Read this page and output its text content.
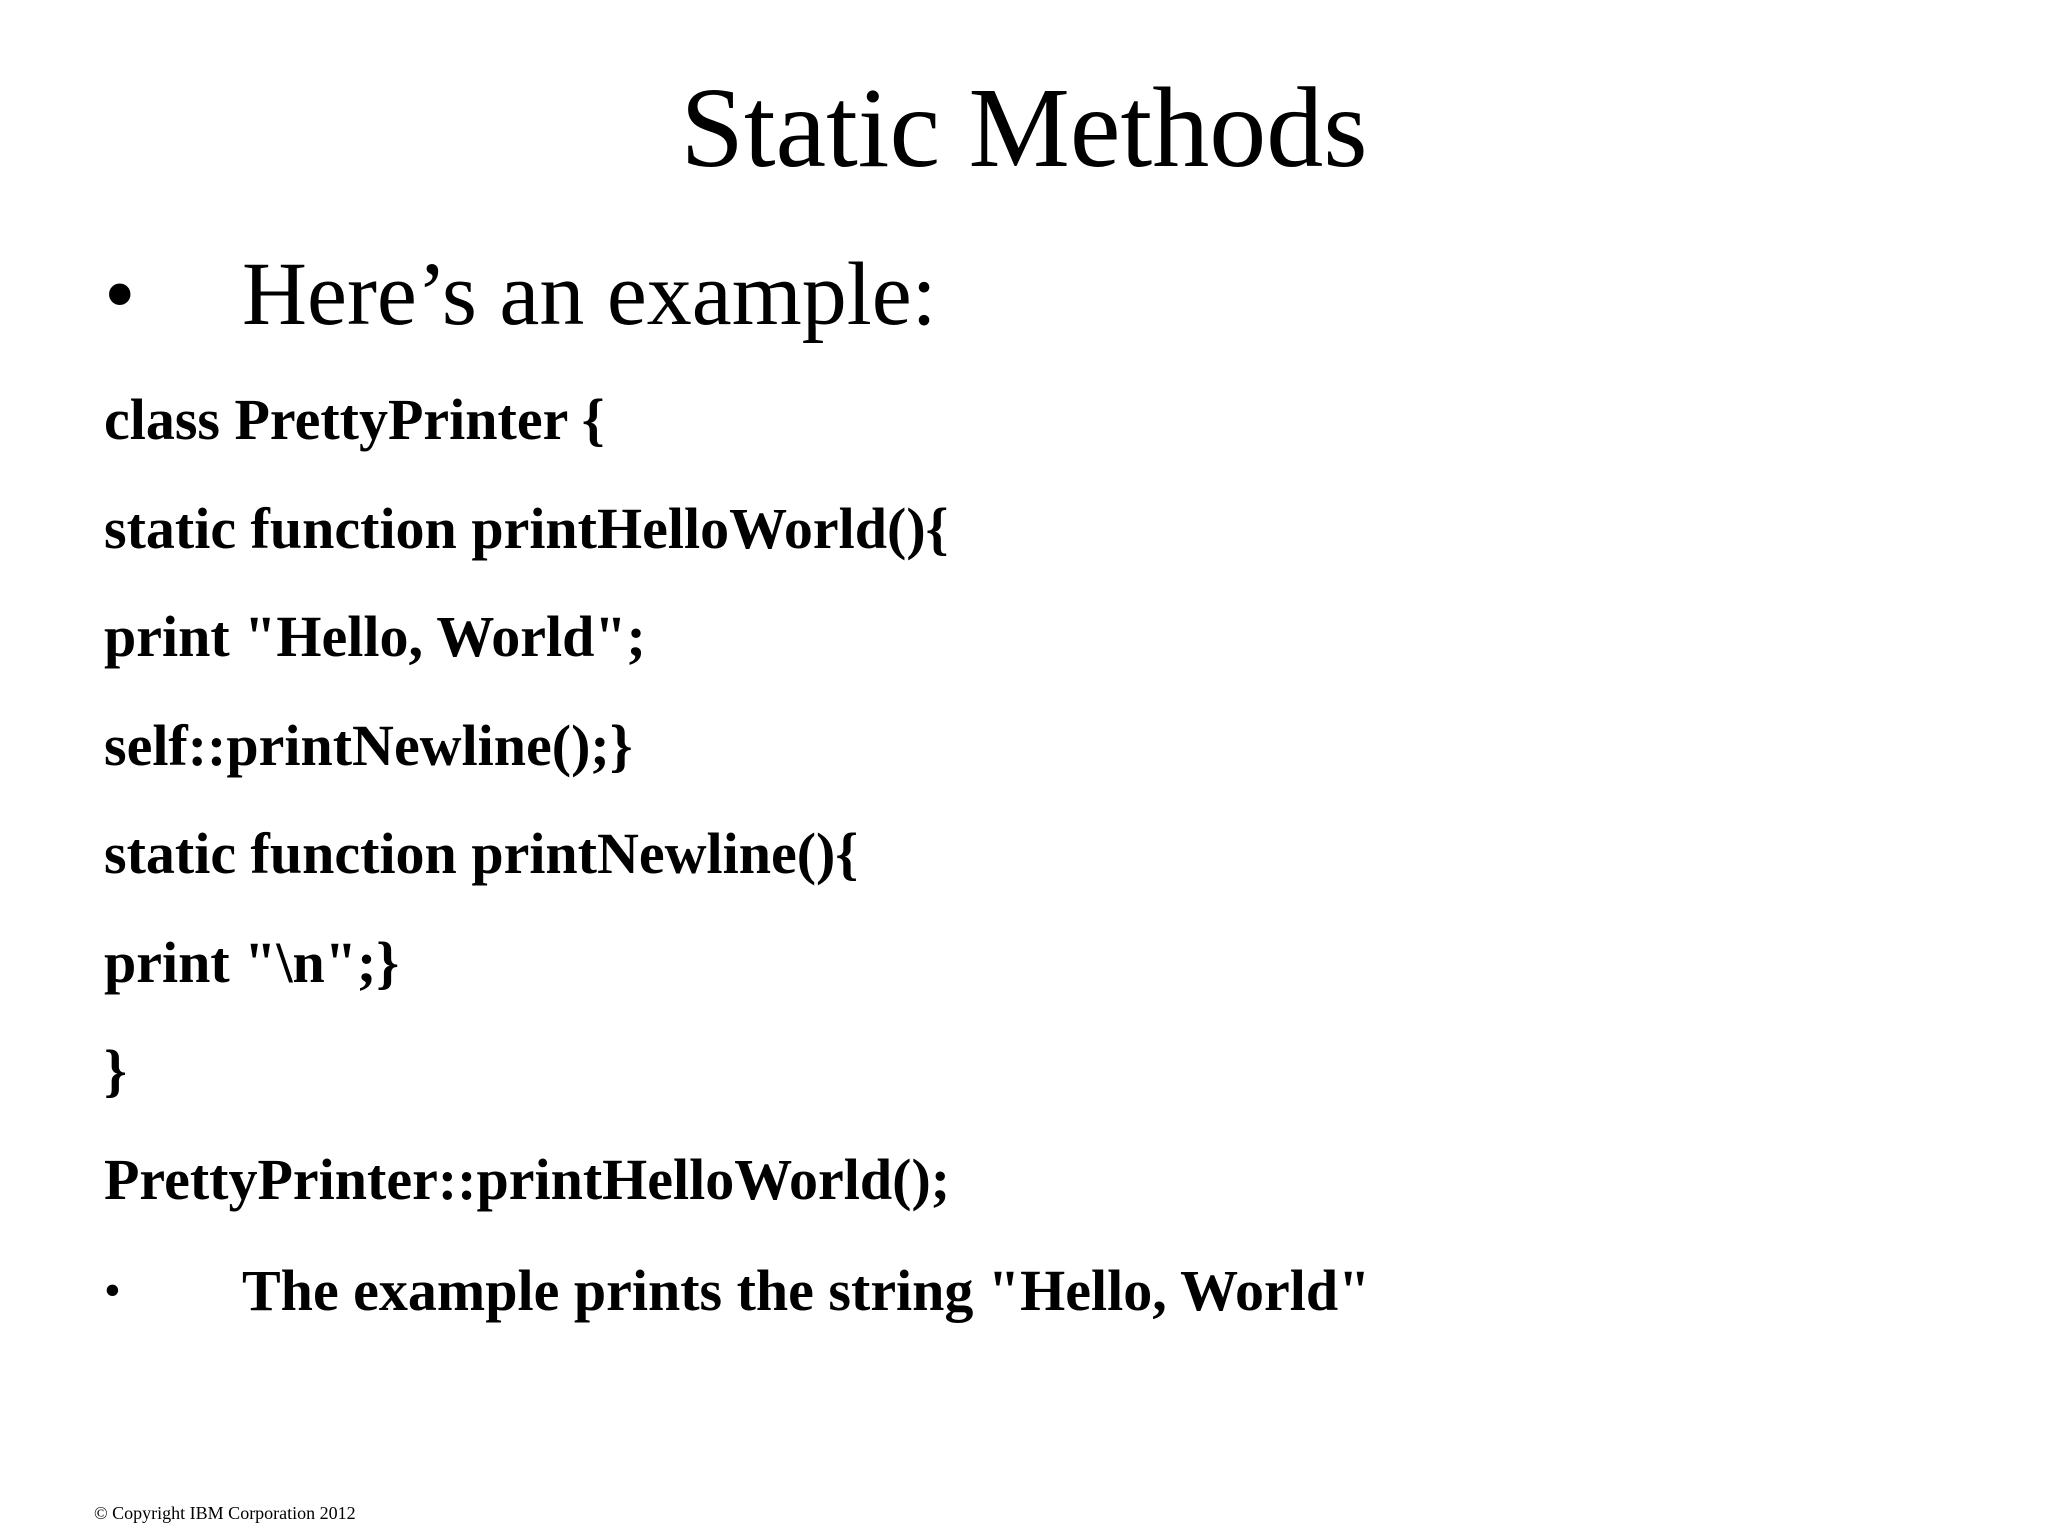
Static Methods
• Here’s an example:
class PrettyPrinter {
static function printHelloWorld(){
print "Hello, World";
self::printNewline();}
static function printNewline(){
print "\n";}
}
PrettyPrinter::printHelloWorld();
• The example prints the string "Hello, World"
© Copyright IBM Corporation 2012
